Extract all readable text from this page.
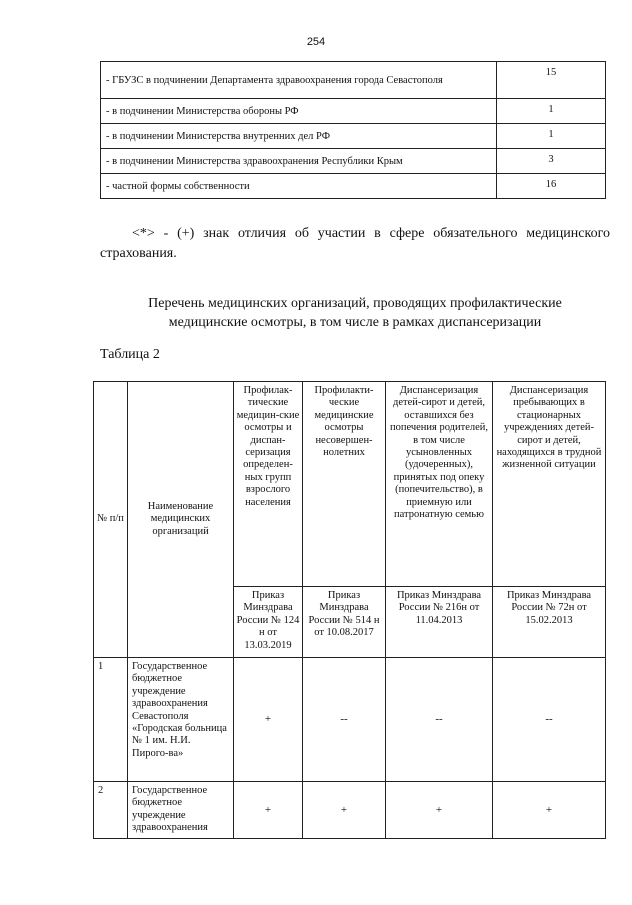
254
- ГБУЗС в подчинении Департамента здравоохранения города Севастополя	15
- в подчинении Министерства обороны РФ	1
- в подчинении Министерства внутренних дел РФ	1
- в подчинении Министерства здравоохранения Республики Крым	3
- частной формы собственности	16
<*> - (+) знак отличия об участии в сфере обязательного медицинского страхования.
Перечень медицинских организаций, проводящих профилактические
медицинские осмотры, в том числе в рамках диспансеризации
Таблица 2
№ п/п	Наименование медицинских организаций	Профилак-тические медицин-ские осмотры и диспан-серизация определен-ных групп взрослого населения	Профилакти-ческие медицинские осмотры несовершен-нолетних	Диспансеризация детей-сирот и детей, оставшихся без попечения родителей, в том числе усыновленных (удочеренных), принятых под опеку (попечительство), в приемную или патронатную семью	Диспансеризация пребывающих в стационарных учреждениях детей-сирот и детей, находящихся в трудной жизненной ситуации
		Приказ Минздрава России № 124 н от 13.03.2019	Приказ Минздрава России № 514 н от 10.08.2017	Приказ Минздрава России № 216н от 11.04.2013	Приказ Минздрава России № 72н от 15.02.2013
1	Государственное бюджетное учреждение здравоохранения Севастополя «Городская больница № 1 им. Н.И. Пирого-ва»	+	--	--	--
2	Государственное бюджетное учреждение здравоохранения	+	+	+	+
